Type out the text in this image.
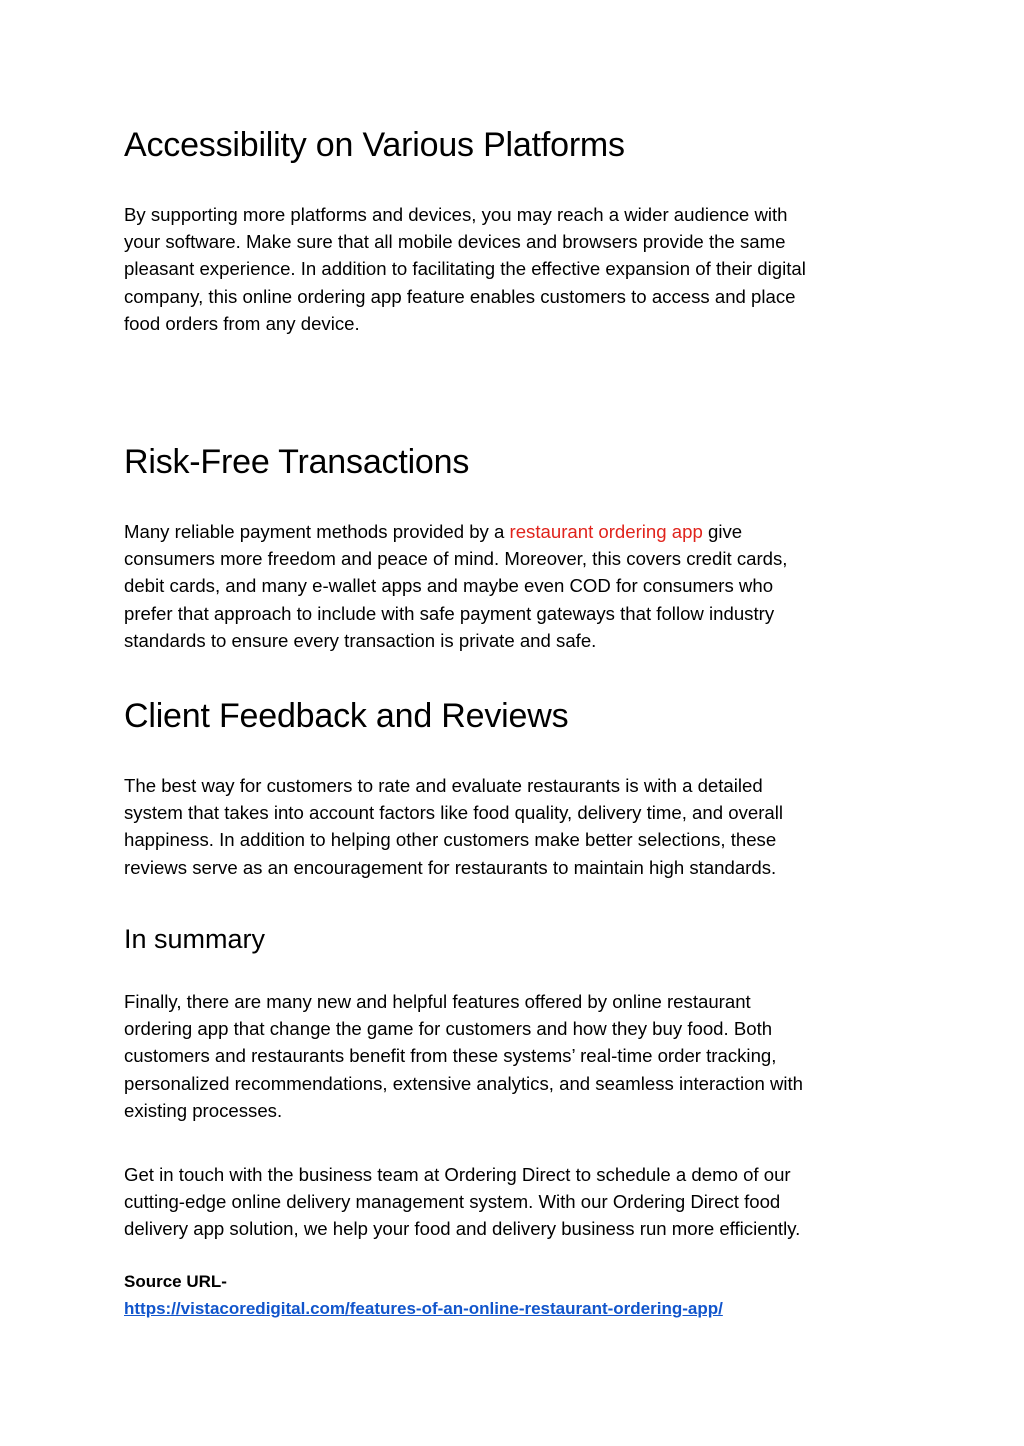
Accessibility on Various Platforms

By supporting more platforms and devices, you may reach a wider audience with
your software. Make sure that all mobile devices and browsers provide the same
pleasant experience. In addition to facilitating the effective expansion of their digital
company, this online ordering app feature enables customers to access and place
food orders from any device.

Risk-Free Transactions

Many reliable payment methods provided by a restaurant ordering app give
consumers more freedom and peace of mind. Moreover, this covers credit cards,
debit cards, and many e-wallet apps and maybe even COD for consumers who
prefer that approach to include with safe payment gateways that follow industry
standards to ensure every transaction is private and safe.

Client Feedback and Reviews

The best way for customers to rate and evaluate restaurants is with a detailed
system that takes into account factors like food quality, delivery time, and overall
happiness. In addition to helping other customers make better selections, these
reviews serve as an encouragement for restaurants to maintain high standards.

In summary

Finally, there are many new and helpful features offered by online restaurant
ordering app that change the game for customers and how they buy food. Both
customers and restaurants benefit from these systems’ real-time order tracking,
personalized recommendations, extensive analytics, and seamless interaction with
existing processes.

Get in touch with the business team at Ordering Direct to schedule a demo of our
cutting-edge online delivery management system. With our Ordering Direct food
delivery app solution, we help your food and delivery business run more efficiently.

Source URL-

https://vistacoredigital.com/features-of-an-online-restaurant-ordering-app/
